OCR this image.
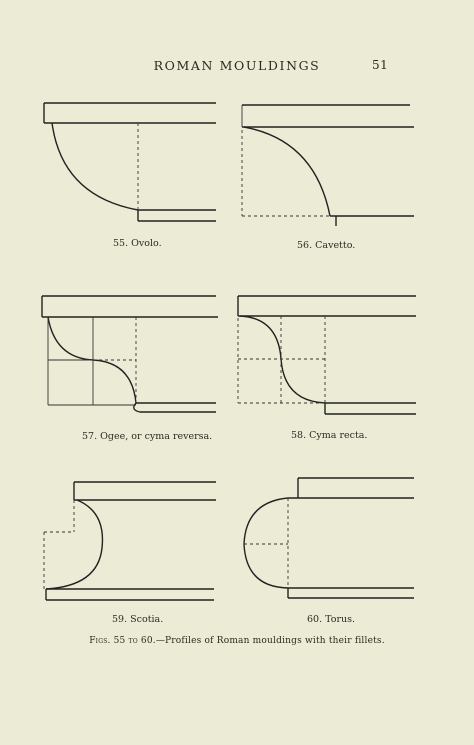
ROMAN MOULDINGS	51
55. Ovolo.	56. Cavetto.
57. Ogee, or cyma reversa.	58. Cyma recta.
59. Scotia.	60. Torus.
Figs. 55 to 60.—Profiles of Roman mouldings with their fillets.
